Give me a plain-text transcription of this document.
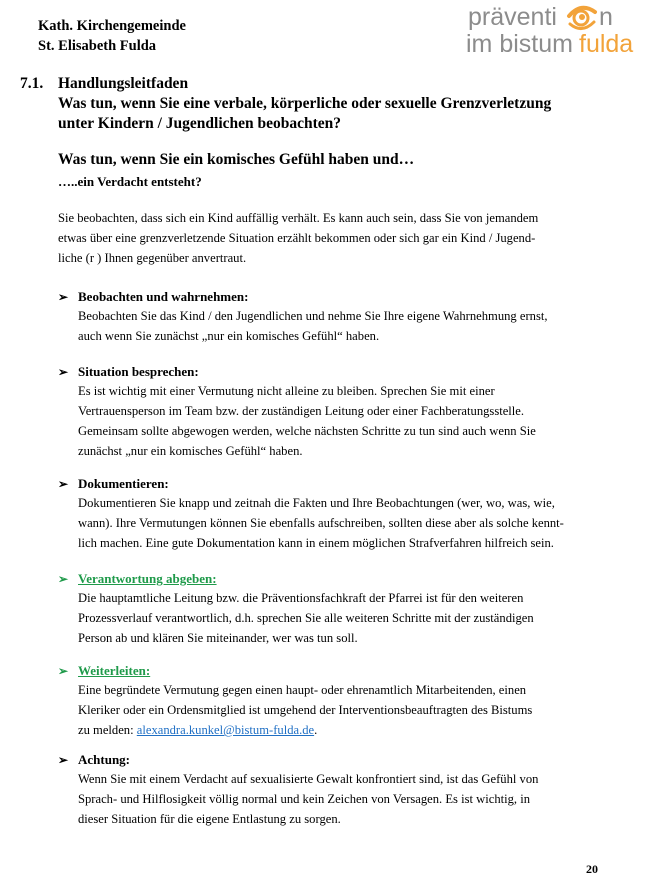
Kath. Kirchengemeinde
St. Elisabeth Fulda
präventi n
im bistum fulda
7.1. Handlungsleitfaden
Was tun, wenn Sie eine verbale, körperliche oder sexuelle Grenzverletzung
unter Kindern / Jugendlichen beobachten?
Was tun, wenn Sie ein komisches Gefühl haben und…
…..ein Verdacht entsteht?
Sie beobachten, dass sich ein Kind auffällig verhält. Es kann auch sein, dass Sie von jemandem
etwas über eine grenzverletzende Situation erzählt bekommen oder sich gar ein Kind / Jugend-
liche (r ) Ihnen gegenüber anvertraut.
➢ Beobachten und wahrnehmen:
Beobachten Sie das Kind / den Jugendlichen und nehme Sie Ihre eigene Wahrnehmung ernst,
auch wenn Sie zunächst „nur ein komisches Gefühl“ haben.
➢ Situation besprechen:
Es ist wichtig mit einer Vermutung nicht alleine zu bleiben. Sprechen Sie mit einer
Vertrauensperson im Team bzw. der zuständigen Leitung oder einer Fachberatungsstelle.
Gemeinsam sollte abgewogen werden, welche nächsten Schritte zu tun sind auch wenn Sie
zunächst „nur ein komisches Gefühl“ haben.
➢ Dokumentieren:
Dokumentieren Sie knapp und zeitnah die Fakten und Ihre Beobachtungen (wer, wo, was, wie,
wann). Ihre Vermutungen können Sie ebenfalls aufschreiben, sollten diese aber als solche kennt-
lich machen. Eine gute Dokumentation kann in einem möglichen Strafverfahren hilfreich sein.
➢ Verantwortung abgeben:
Die hauptamtliche Leitung bzw. die Präventionsfachkraft der Pfarrei ist für den weiteren
Prozessverlauf verantwortlich, d.h. sprechen Sie alle weiteren Schritte mit der zuständigen
Person ab und klären Sie miteinander, wer was tun soll.
➢ Weiterleiten:
Eine begründete Vermutung gegen einen haupt- oder ehrenamtlich Mitarbeitenden, einen
Kleriker oder ein Ordensmitglied ist umgehend der Interventionsbeauftragten des Bistums
zu melden: alexandra.kunkel@bistum-fulda.de.
➢ Achtung:
Wenn Sie mit einem Verdacht auf sexualisierte Gewalt konfrontiert sind, ist das Gefühl von
Sprach- und Hilflosigkeit völlig normal und kein Zeichen von Versagen. Es ist wichtig, in
dieser Situation für die eigene Entlastung zu sorgen.
20
